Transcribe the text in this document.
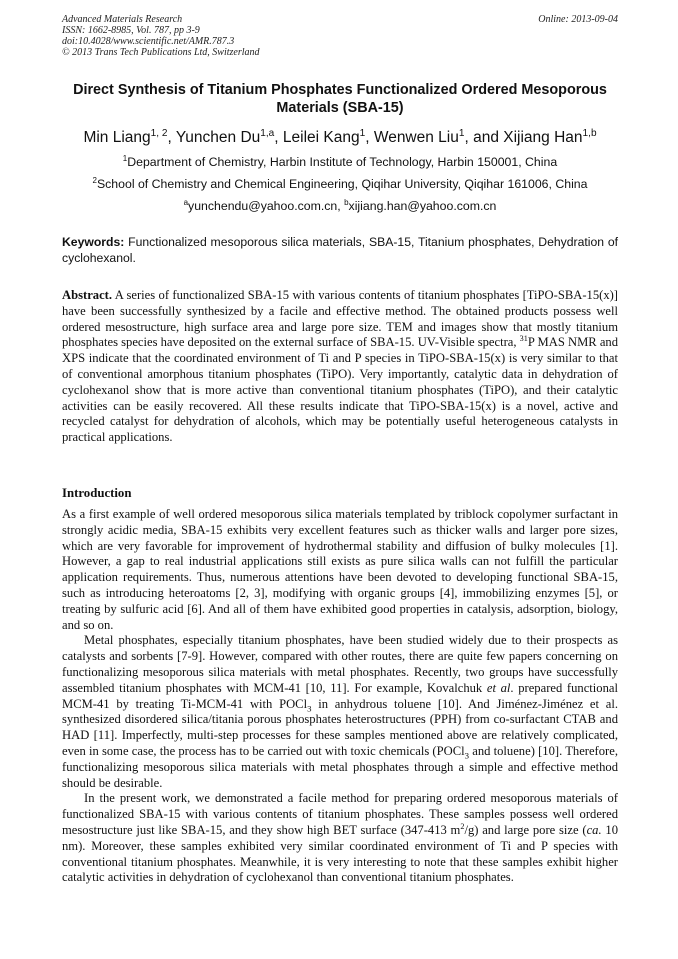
Advanced Materials Research
ISSN: 1662-8985, Vol. 787, pp 3-9
doi:10.4028/www.scientific.net/AMR.787.3
© 2013 Trans Tech Publications Ltd, Switzerland
Online: 2013-09-04
Direct Synthesis of Titanium Phosphates Functionalized Ordered Mesoporous Materials (SBA-15)
Min Liang$^{1, 2}$, Yunchen Du$^{1,a}$, Leilei Kang$^1$, Wenwen Liu$^1$, and Xijiang Han$^{1,b}$
$^1$Department of Chemistry, Harbin Institute of Technology, Harbin 150001, China
$^2$School of Chemistry and Chemical Engineering, Qiqihar University, Qiqihar 161006, China
$^a$yunchendu@yahoo.com.cn, $^b$xijiang.han@yahoo.com.cn
Keywords: Functionalized mesoporous silica materials, SBA-15, Titanium phosphates, Dehydration of cyclohexanol.
Abstract. A series of functionalized SBA-15 with various contents of titanium phosphates [TiPO-SBA-15(x)] have been successfully synthesized by a facile and effective method. The obtained products possess well ordered mesostructure, high surface area and large pore size. TEM and images show that mostly titanium phosphates species have deposited on the external surface of SBA-15. UV-Visible spectra, $^{31}$P MAS NMR and XPS indicate that the coordinated environment of Ti and P species in TiPO-SBA-15(x) is very similar to that of conventional amorphous titanium phosphates (TiPO). Very importantly, catalytic data in dehydration of cyclohexanol show that is more active than conventional titanium phosphates (TiPO), and their catalytic activities can be easily recovered. All these results indicate that TiPO-SBA-15(x) is a novel, active and recycled catalyst for dehydration of alcohols, which may be potentially useful heterogeneous catalysts in practical applications.
Introduction

As a first example of well ordered mesoporous silica materials templated by triblock copolymer surfactant in strongly acidic media, SBA-15 exhibits very excellent features such as thicker walls and larger pore sizes, which are very favorable for improvement of hydrothermal stability and diffusion of bulky molecules [1]. However, a gap to real industrial applications still exists as pure silica walls can not fulfill the particular application requirements. Thus, numerous attentions have been devoted to developing functional SBA-15, such as introducing heteroatoms [2, 3], modifying with organic groups [4], immobilizing enzymes [5], or treating by sulfuric acid [6]. And all of them have exhibited good properties in catalysis, adsorption, biology, and so on.

Metal phosphates, especially titanium phosphates, have been studied widely due to their prospects as catalysts and sorbents [7-9]. However, compared with other routes, there are quite few papers concerning on functionalizing mesoporous silica materials with metal phosphates. Recently, two groups have successfully assembled titanium phosphates with MCM-41 [10, 11]. For example, Kovalchuk et al. prepared functional MCM-41 by treating Ti-MCM-41 with POCl$_3$ in anhydrous toluene [10]. And Jiménez-Jiménez et al. synthesized disordered silica/titania porous phosphates heterostructures (PPH) from co-surfactant CTAB and HAD [11]. Imperfectly, multi-step processes for these samples mentioned above are relatively complicated, even in some case, the process has to be carried out with toxic chemicals (POCl$_3$ and toluene) [10]. Therefore, functionalizing mesoporous silica materials with metal phosphates through a simple and effective method should be desirable.

In the present work, we demonstrated a facile method for preparing ordered mesoporous materials of functionalized SBA-15 with various contents of titanium phosphates. These samples possess well ordered mesostructure just like SBA-15, and they show high BET surface (347-413 $m^2/g$) and large pore size (ca. 10 nm). Moreover, these samples exhibited very similar coordinated environment of Ti and P species with conventional titanium phosphates. Meanwhile, it is very interesting to note that these samples exhibit higher catalytic activities in dehydration of cyclohexanol than conventional titanium phosphates.
